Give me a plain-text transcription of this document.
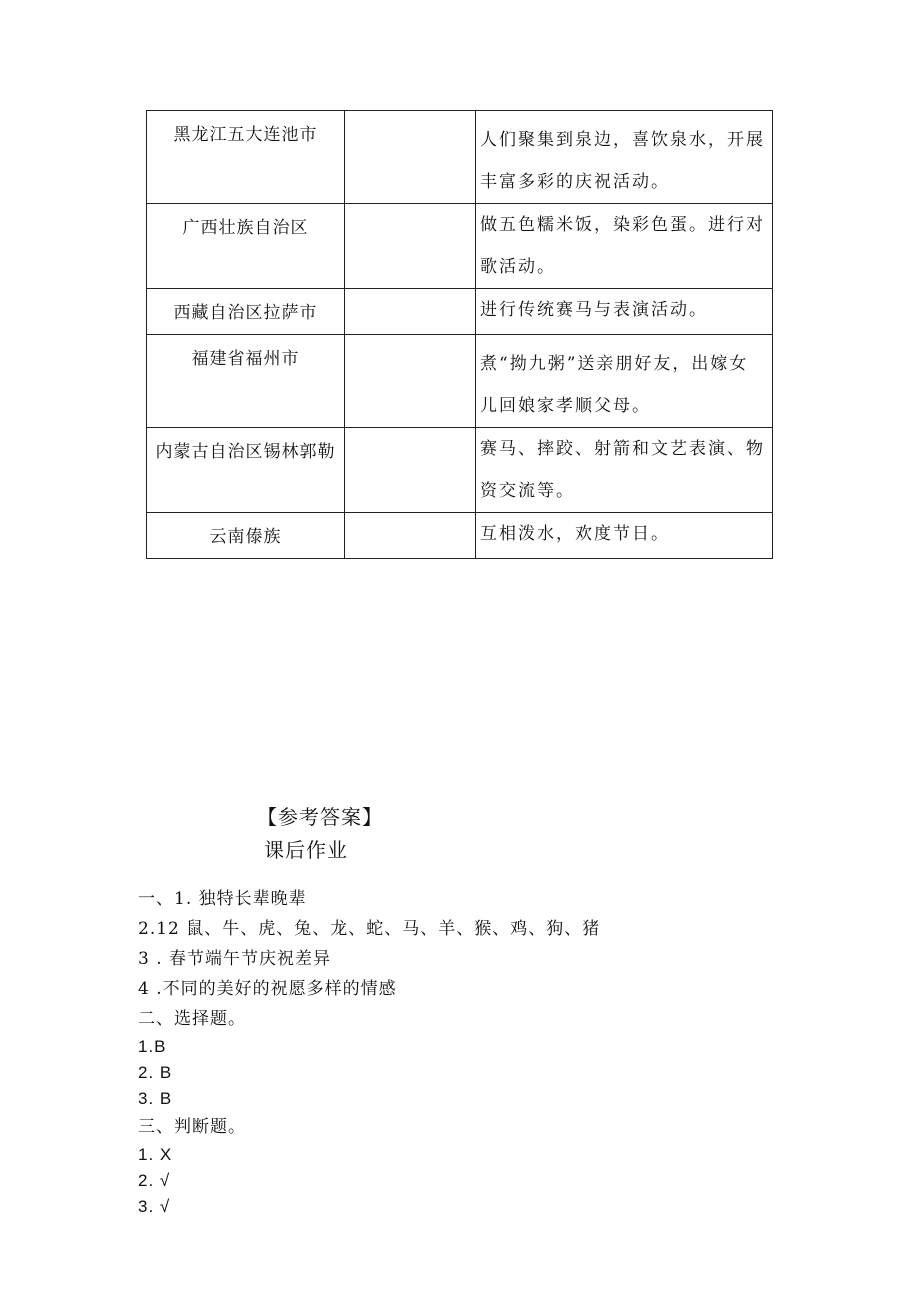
黑龙江五大连池市		人们聚集到泉边，喜饮泉水，开展丰富多彩的庆祝活动。

广西壮族自治区		做五色糯米饭，染彩色蛋。进行对歌活动。

西藏自治区拉萨市		进行传统赛马与表演活动。

福建省福州市		煮“拗九粥”送亲朋好友，出嫁女儿回娘家孝顺父母。

内蒙古自治区锡林郭勒		赛马、摔跤、射箭和文艺表演、物资交流等。

云南傣族		互相泼水，欢度节日。
【参考答案】
课后作业
一、1. 独特长辈晚辈
2.12 鼠、牛、虎、兔、龙、蛇、马、羊、猴、鸡、狗、猪
3 . 春节端午节庆祝差异
4 .不同的美好的祝愿多样的情感
二、选择题。
1.B
2. B
3. B
三、判断题。
1. X
2. √
3. √
